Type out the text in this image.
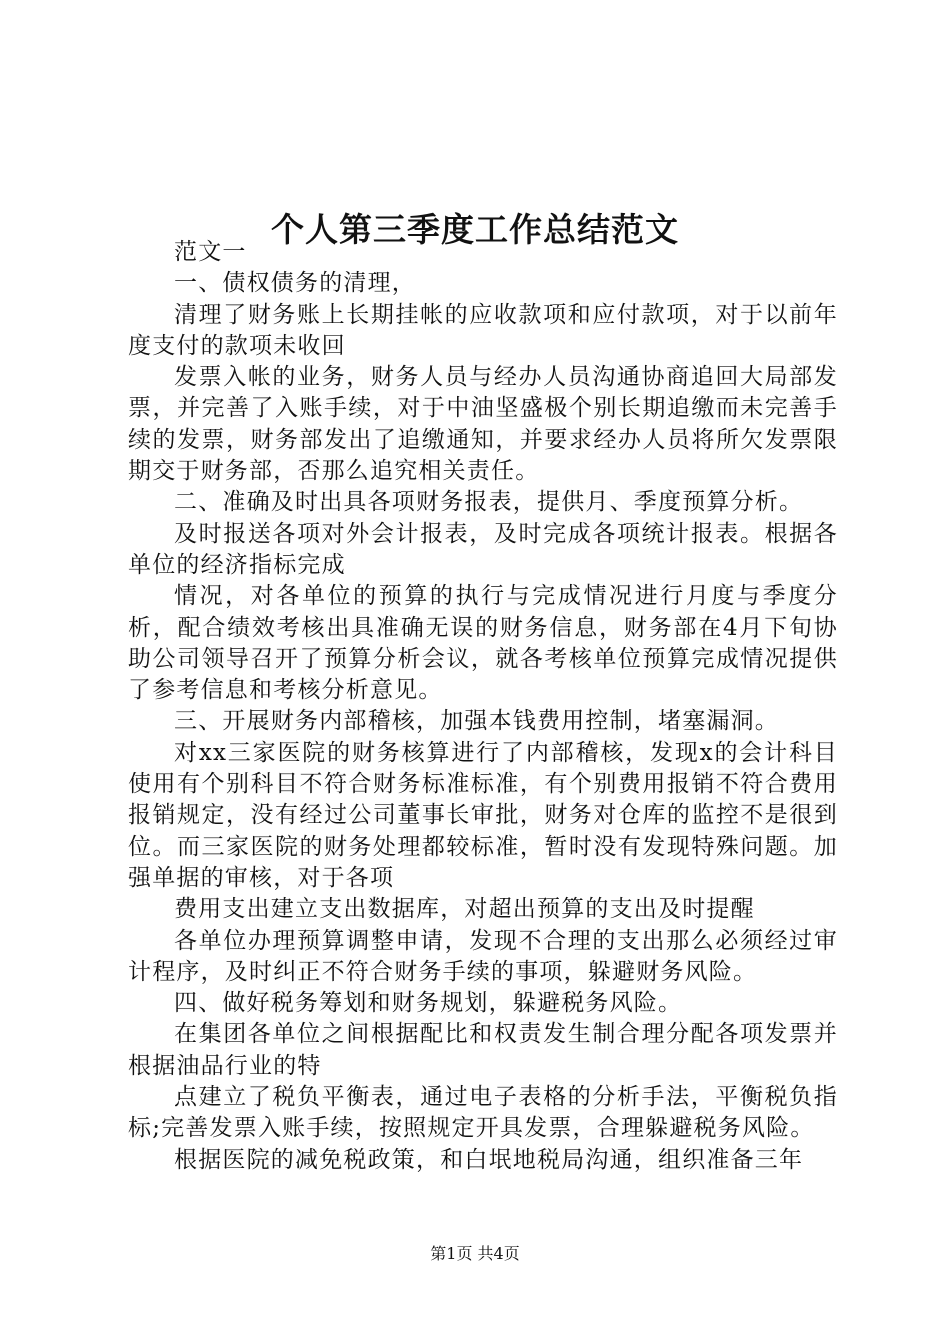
个人第三季度工作总结范文

范文一

一、债权债务的清理，

清理了财务账上长期挂帐的应收款项和应付款项，对于以前年度支付的款项未收回

发票入帐的业务，财务人员与经办人员沟通协商追回大局部发票，并完善了入账手续，对于中油坚盛极个别长期追缴而未完善手续的发票，财务部发出了追缴通知，并要求经办人员将所欠发票限期交于财务部，否那么追究相关责任。

二、准确及时出具各项财务报表，提供月、季度预算分析。

及时报送各项对外会计报表，及时完成各项统计报表。根据各单位的经济指标完成

情况，对各单位的预算的执行与完成情况进行月度与季度分析，配合绩效考核出具准确无误的财务信息，财务部在4月下旬协助公司领导召开了预算分析会议，就各考核单位预算完成情况提供了参考信息和考核分析意见。

三、开展财务内部稽核，加强本钱费用控制，堵塞漏洞。

对xx三家医院的财务核算进行了内部稽核，发现x的会计科目使用有个别科目不符合财务标准标准，有个别费用报销不符合费用报销规定，没有经过公司董事长审批，财务对仓库的监控不是很到位。而三家医院的财务处理都较标准，暂时没有发现特殊问题。加强单据的审核，对于各项

费用支出建立支出数据库，对超出预算的支出及时提醒

各单位办理预算调整申请，发现不合理的支出那么必须经过审计程序，及时纠正不符合财务手续的事项，躲避财务风险。

四、做好税务筹划和财务规划，躲避税务风险。

在集团各单位之间根据配比和权责发生制合理分配各项发票并根据油品行业的特

点建立了税负平衡表，通过电子表格的分析手法，平衡税负指标;完善发票入账手续，按照规定开具发票，合理躲避税务风险。

根据医院的减免税政策，和白垊地税局沟通，组织准备三年

第1页 共4页
